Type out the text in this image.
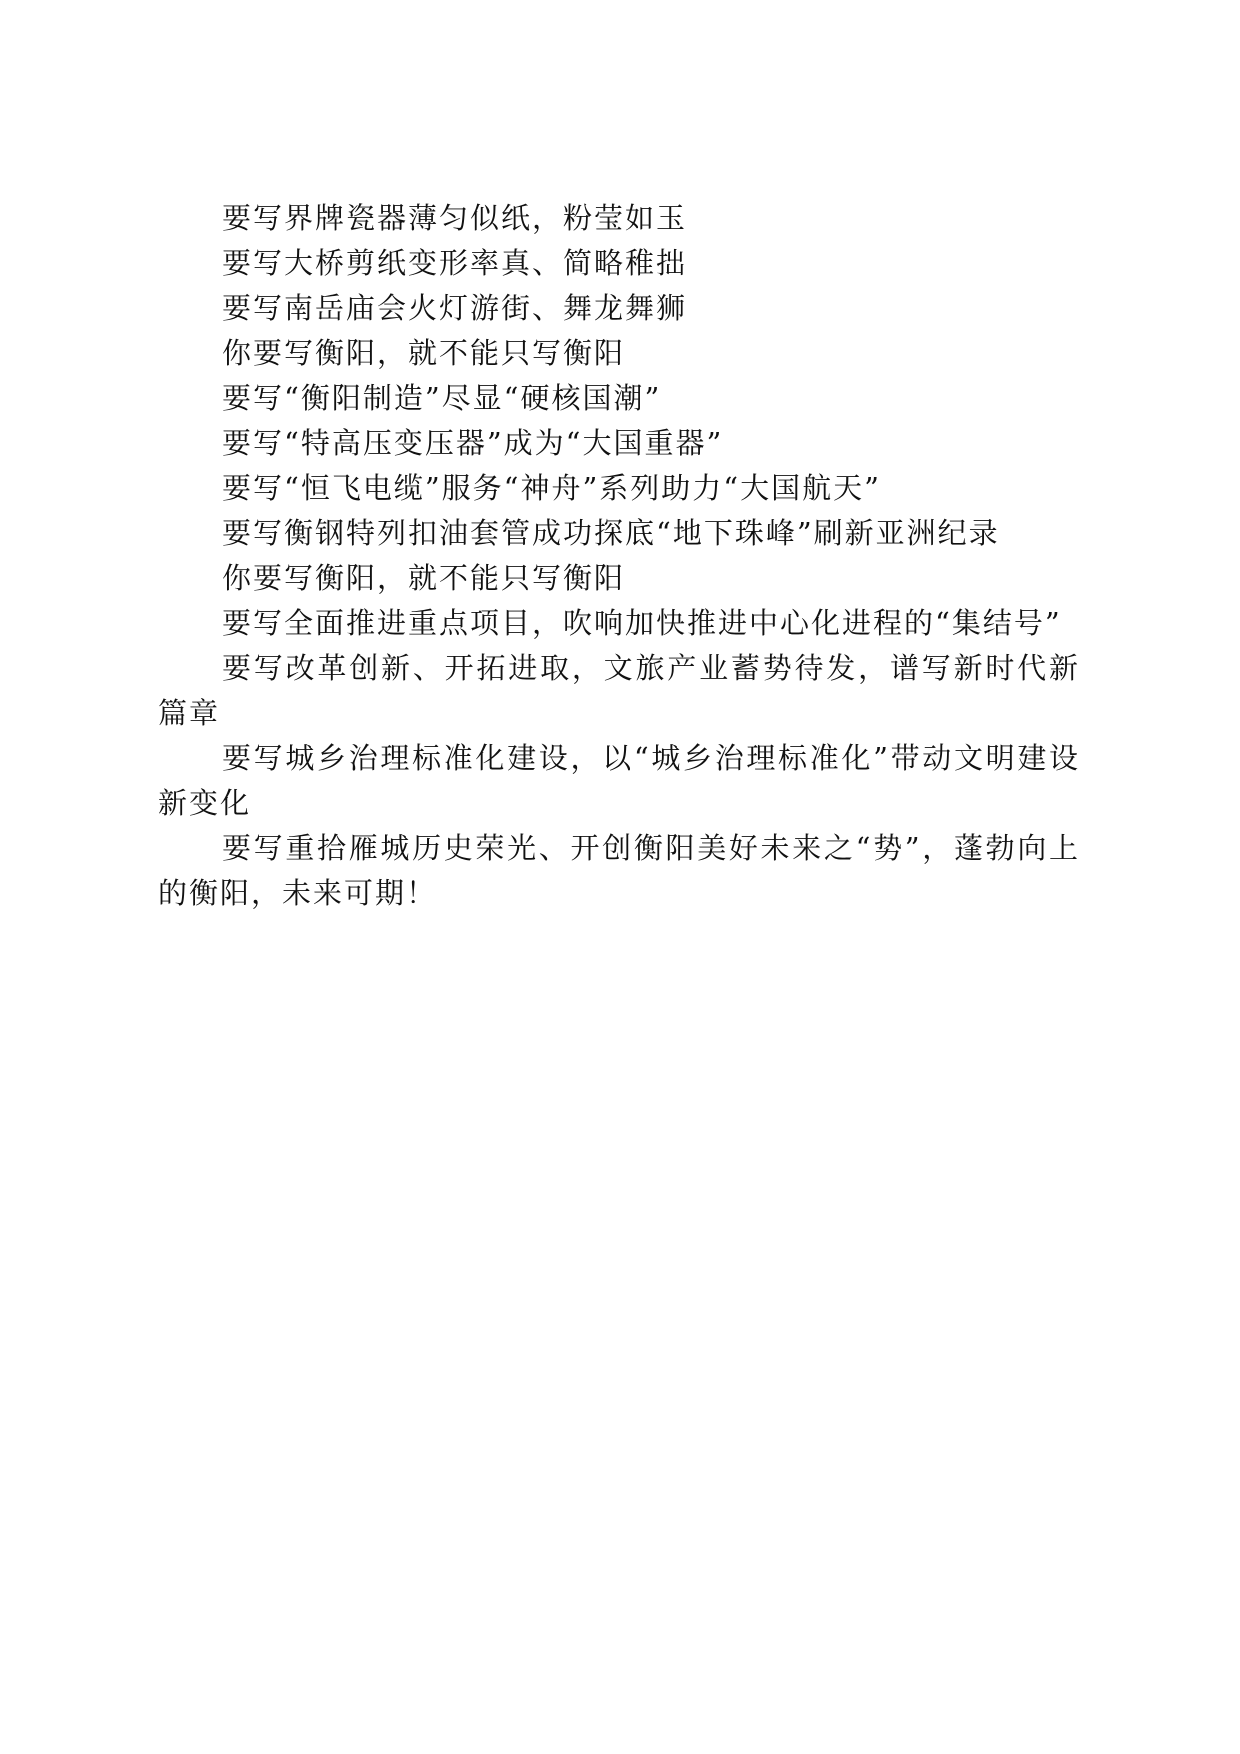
要写界牌瓷器薄匀似纸，粉莹如玉

要写大桥剪纸变形率真、简略稚拙

要写南岳庙会火灯游街、舞龙舞狮

你要写衡阳，就不能只写衡阳

要写“衡阳制造”尽显“硬核国潮”

要写“特高压变压器”成为“大国重器”

要写“恒飞电缆”服务“神舟”系列助力“大国航天”

要写衡钢特列扣油套管成功探底“地下珠峰”刷新亚洲纪录

你要写衡阳，就不能只写衡阳

要写全面推进重点项目，吹响加快推进中心化进程的“集结号”

要写改革创新、开拓进取，文旅产业蓄势待发，谱写新时代新篇章

要写城乡治理标准化建设，以“城乡治理标准化”带动文明建设新变化

要写重拾雁城历史荣光、开创衡阳美好未来之“势”，蓬勃向上的衡阳，未来可期！
